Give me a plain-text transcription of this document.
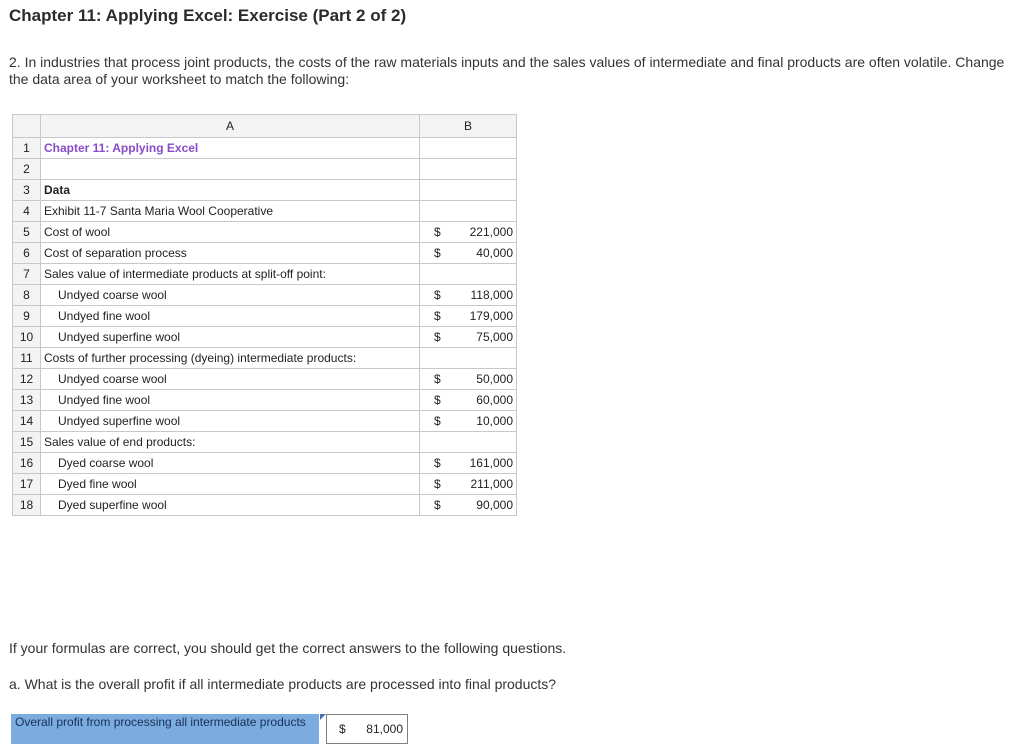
Chapter 11: Applying Excel: Exercise (Part 2 of 2)

2. In industries that process joint products, the costs of the raw materials inputs and the sales values of intermediate and final products are often volatile. Change the data area of your worksheet to match the following:

	A	B
1	Chapter 11: Applying Excel	

2		

3	Data	

4	Exhibit 11-7 Santa Maria Wool Cooperative	

5	Cost of wool	$ 221,000

6	Cost of separation process	$ 40,000

7	Sales value of intermediate products at split-off point:	

8	Undyed coarse wool	$ 118,000

9	Undyed fine wool	$ 179,000

10	Undyed superfine wool	$ 75,000

11	Costs of further processing (dyeing) intermediate products:	

12	Undyed coarse wool	$ 50,000

13	Undyed fine wool	$ 60,000

14	Undyed superfine wool	$ 10,000

15	Sales value of end products:	

16	Dyed coarse wool	$ 161,000

17	Dyed fine wool	$ 211,000

18	Dyed superfine wool	$ 90,000

If your formulas are correct, you should get the correct answers to the following questions.

a. What is the overall profit if all intermediate products are processed into final products?

Overall profit from processing all intermediate products	$ 81,000
